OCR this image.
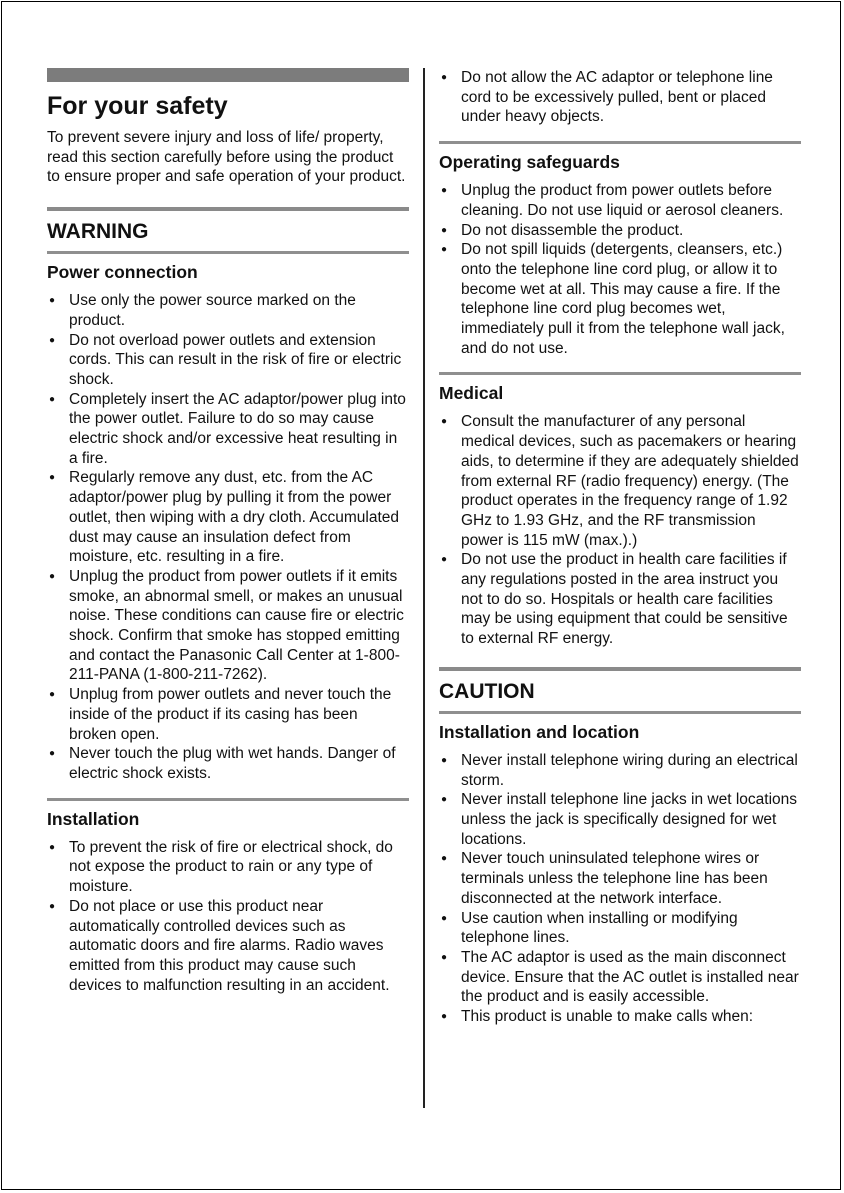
For your safety

To prevent severe injury and loss of life/ property, read this section carefully before using the product to ensure proper and safe operation of your product.

WARNING
Power connection
● Use only the power source marked on the product.
● Do not overload power outlets and extension cords. This can result in the risk of fire or electric shock.
● Completely insert the AC adaptor/power plug into the power outlet. Failure to do so may cause electric shock and/or excessive heat resulting in a fire.
● Regularly remove any dust, etc. from the AC adaptor/power plug by pulling it from the power outlet, then wiping with a dry cloth. Accumulated dust may cause an insulation defect from moisture, etc. resulting in a fire.
● Unplug the product from power outlets if it emits smoke, an abnormal smell, or makes an unusual noise. These conditions can cause fire or electric shock. Confirm that smoke has stopped emitting and contact the Panasonic Call Center at 1-800-211-PANA (1-800-211-7262).
● Unplug from power outlets and never touch the inside of the product if its casing has been broken open.
● Never touch the plug with wet hands. Danger of electric shock exists.
Installation
● To prevent the risk of fire or electrical shock, do not expose the product to rain or any type of moisture.
● Do not place or use this product near automatically controlled devices such as automatic doors and fire alarms. Radio waves emitted from this product may cause such devices to malfunction resulting in an accident.
● Do not allow the AC adaptor or telephone line cord to be excessively pulled, bent or placed under heavy objects.
Operating safeguards
● Unplug the product from power outlets before cleaning. Do not use liquid or aerosol cleaners.
● Do not disassemble the product.
● Do not spill liquids (detergents, cleansers, etc.) onto the telephone line cord plug, or allow it to become wet at all. This may cause a fire. If the telephone line cord plug becomes wet, immediately pull it from the telephone wall jack, and do not use.
Medical
● Consult the manufacturer of any personal medical devices, such as pacemakers or hearing aids, to determine if they are adequately shielded from external RF (radio frequency) energy. (The product operates in the frequency range of 1.92 GHz to 1.93 GHz, and the RF transmission power is 115 mW (max.).)
● Do not use the product in health care facilities if any regulations posted in the area instruct you not to do so. Hospitals or health care facilities may be using equipment that could be sensitive to external RF energy.
CAUTION
Installation and location
● Never install telephone wiring during an electrical storm.
● Never install telephone line jacks in wet locations unless the jack is specifically designed for wet locations.
● Never touch uninsulated telephone wires or terminals unless the telephone line has been disconnected at the network interface.
● Use caution when installing or modifying telephone lines.
● The AC adaptor is used as the main disconnect device. Ensure that the AC outlet is installed near the product and is easily accessible.
● This product is unable to make calls when:
